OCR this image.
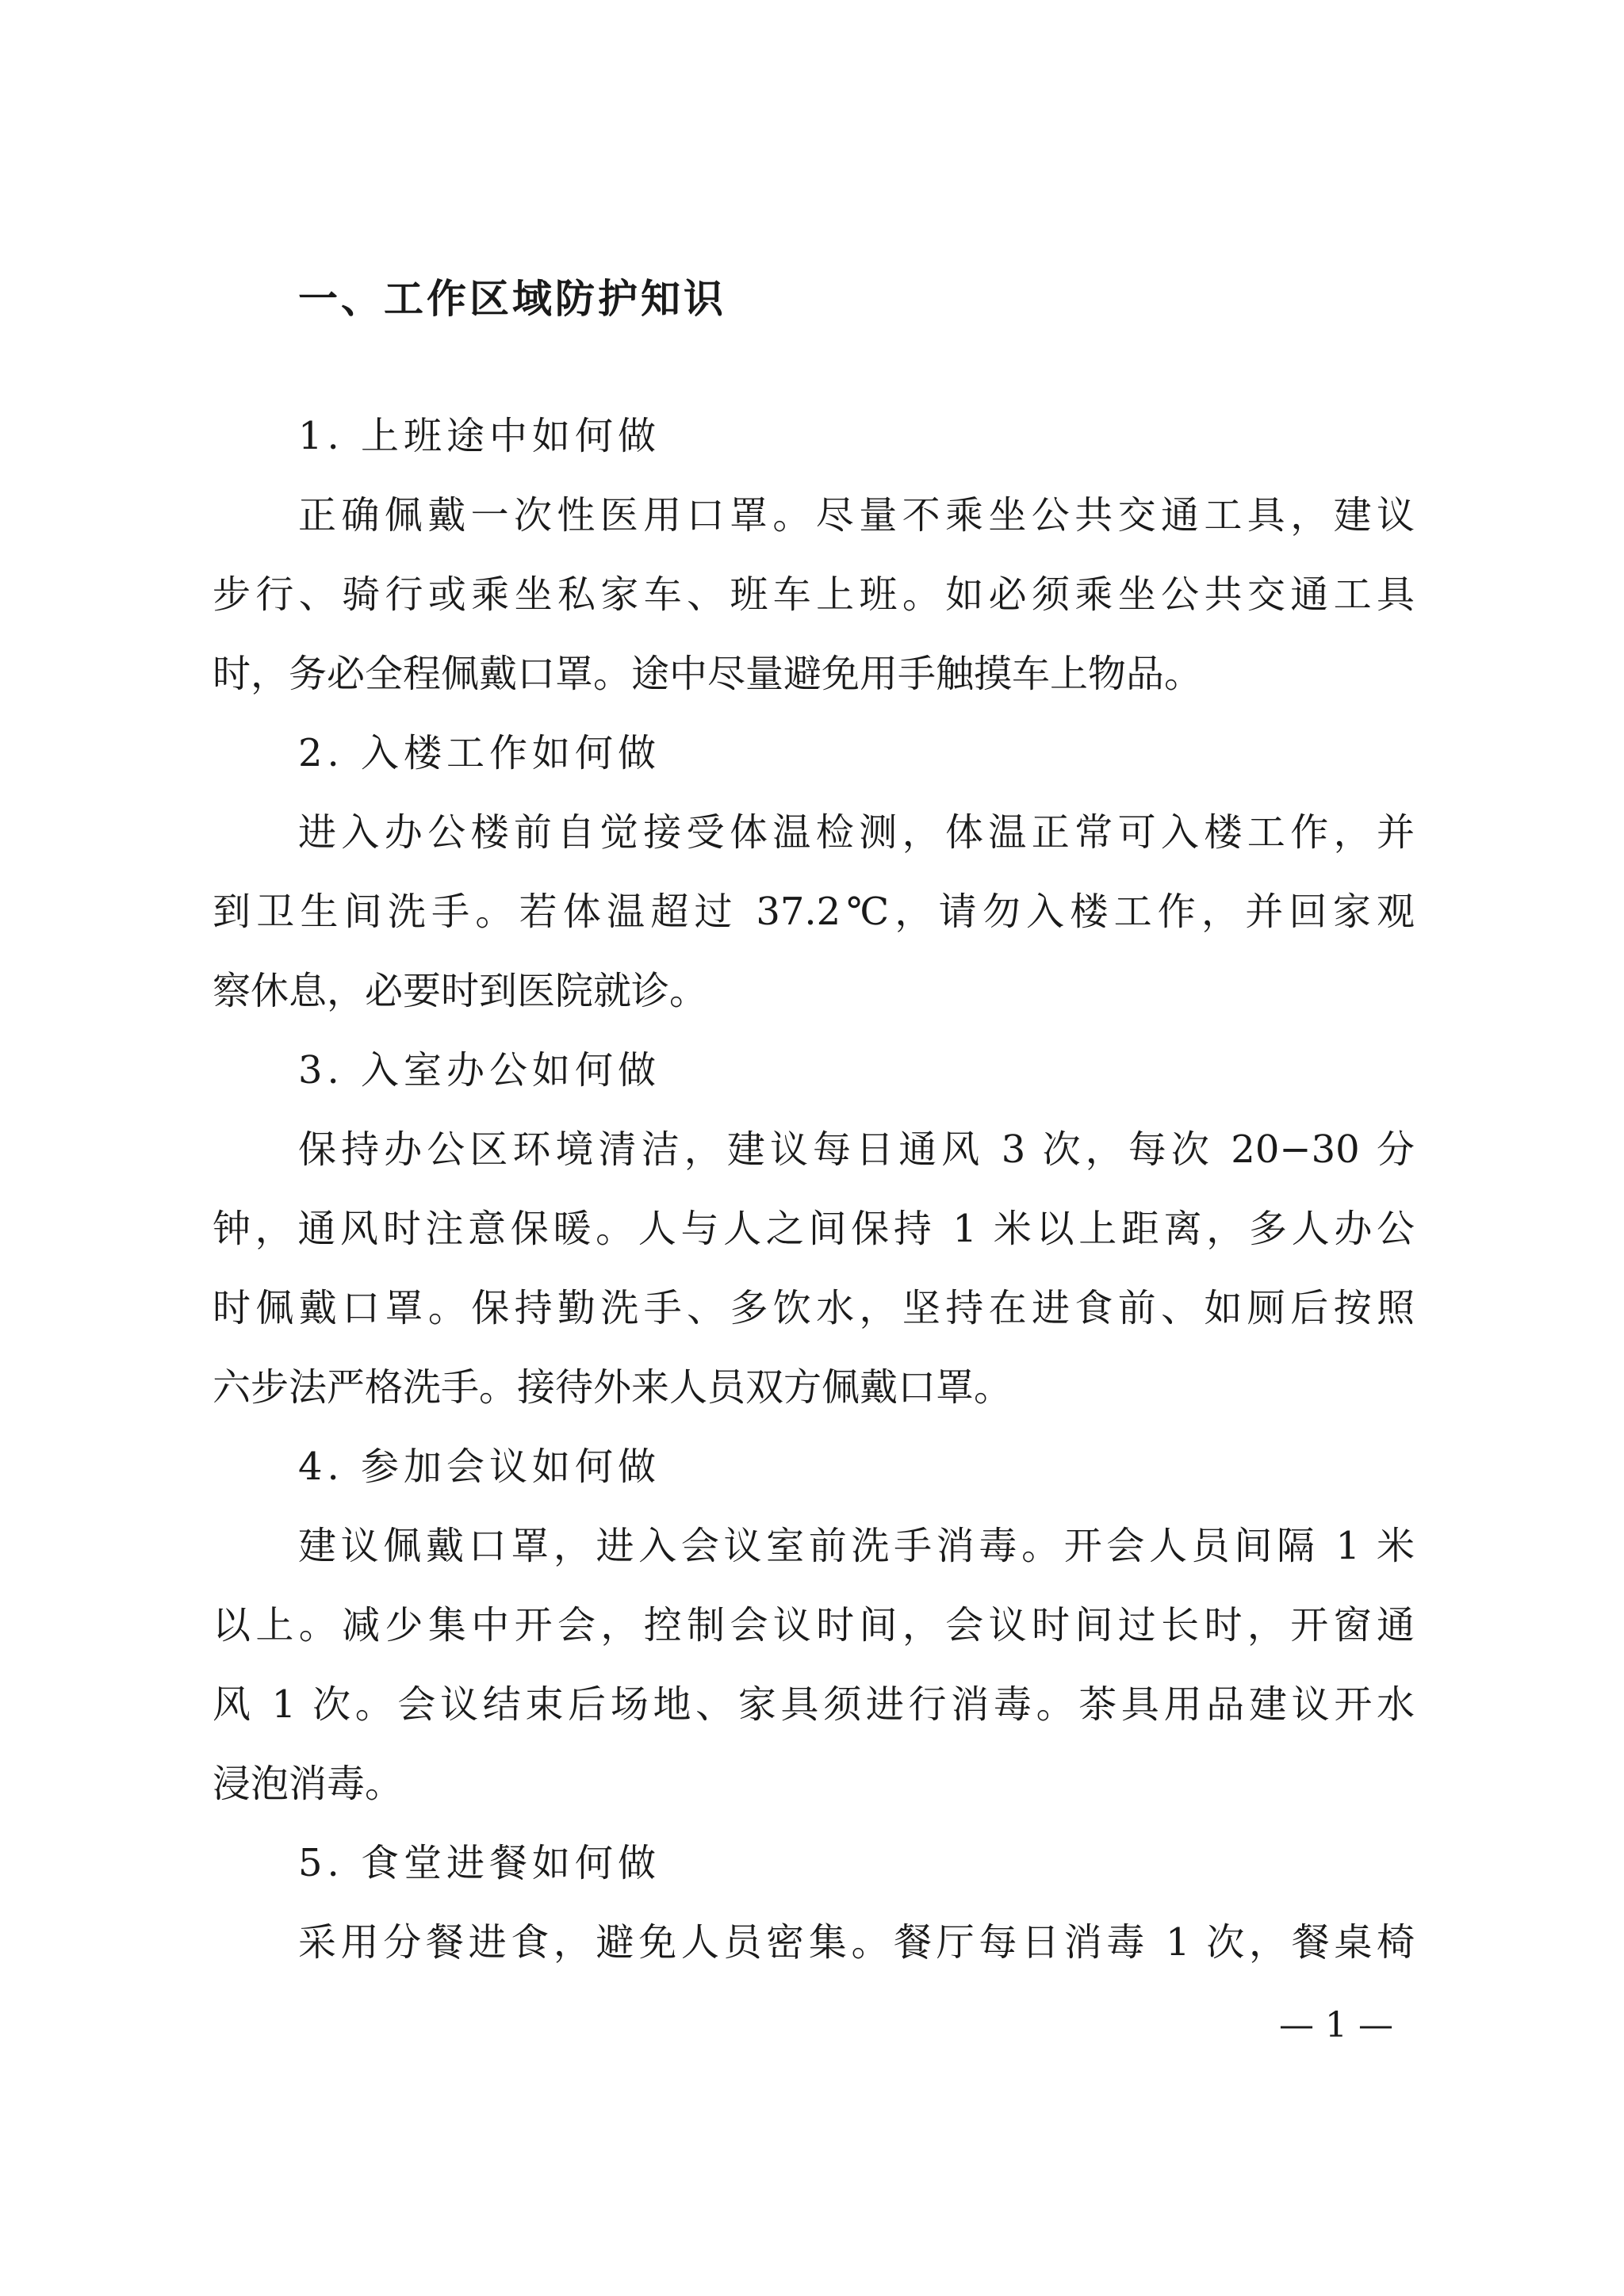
一、工作区域防护知识
1. 上班途中如何做
正确佩戴一次性医用口罩。尽量不乘坐公共交通工具，建议
步行、骑行或乘坐私家车、班车上班。如必须乘坐公共交通工具
时，务必全程佩戴口罩。途中尽量避免用手触摸车上物品。
2. 入楼工作如何做
进入办公楼前自觉接受体温检测，体温正常可入楼工作，并
到卫生间洗手。若体温超过 37.2℃，请勿入楼工作，并回家观
察休息，必要时到医院就诊。
3. 入室办公如何做
保持办公区环境清洁，建议每日通风 3 次，每次 20−30 分
钟，通风时注意保暖。人与人之间保持 1 米以上距离，多人办公
时佩戴口罩。保持勤洗手、多饮水，坚持在进食前、如厕后按照
六步法严格洗手。接待外来人员双方佩戴口罩。
4. 参加会议如何做
建议佩戴口罩，进入会议室前洗手消毒。开会人员间隔 1 米
以上。减少集中开会，控制会议时间，会议时间过长时，开窗通
风 1 次。会议结束后场地、家具须进行消毒。茶具用品建议开水
浸泡消毒。
5. 食堂进餐如何做
采用分餐进食，避免人员密集。餐厅每日消毒 1 次，餐桌椅
— 1 —
